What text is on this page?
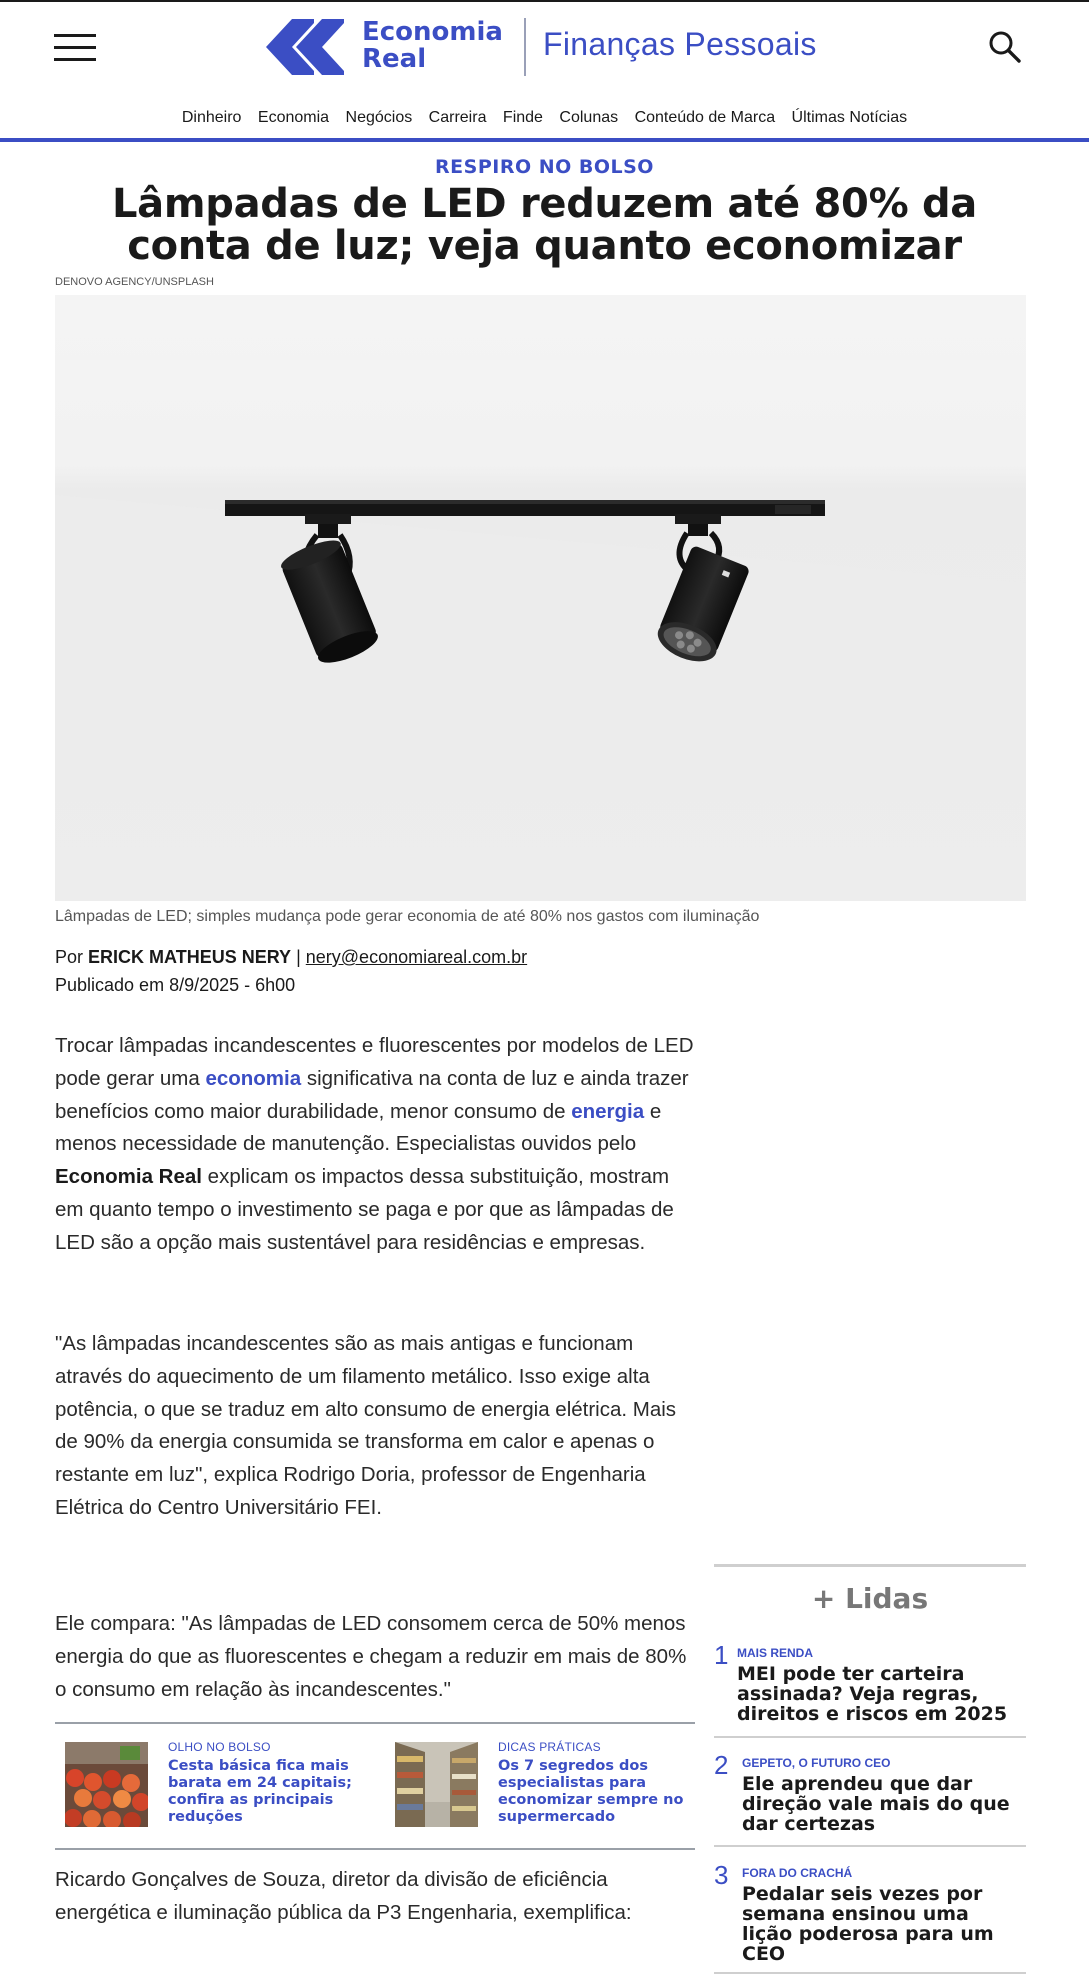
Economia
Real	Finanças Pessoais
Dinheiro Economia Negócios Carreira Finde Colunas Conteúdo de Marca Últimas Notícias
RESPIRO NO BOLSO
Lâmpadas de LED reduzem até 80% da conta de luz; veja quanto economizar
DENOVO AGENCY/UNSPLASH
Lâmpadas de LED; simples mudança pode gerar economia de até 80% nos gastos com iluminação
Por ERICK MATHEUS NERY | nery@economiareal.com.br
Publicado em 8/9/2025 - 6h00
Trocar lâmpadas incandescentes e fluorescentes por modelos de LED pode gerar uma economia significativa na conta de luz e ainda trazer benefícios como maior durabilidade, menor consumo de energia e menos necessidade de manutenção. Especialistas ouvidos pelo Economia Real explicam os impactos dessa substituição, mostram em quanto tempo o investimento se paga e por que as lâmpadas de LED são a opção mais sustentável para residências e empresas.
"As lâmpadas incandescentes são as mais antigas e funcionam através do aquecimento de um filamento metálico. Isso exige alta potência, o que se traduz em alto consumo de energia elétrica. Mais de 90% da energia consumida se transforma em calor e apenas o restante em luz", explica Rodrigo Doria, professor de Engenharia Elétrica do Centro Universitário FEI.
+ Lidas
1 MAIS RENDA
MEI pode ter carteira assinada? Veja regras, direitos e riscos em 2025
2 GEPETO, O FUTURO CEO
Ele aprendeu que dar direção vale mais do que dar certezas
3 FORA DO CRACHÁ
Pedalar seis vezes por semana ensinou uma lição poderosa para um CEO
Ele compara: "As lâmpadas de LED consomem cerca de 50% menos energia do que as fluorescentes e chegam a reduzir em mais de 80% o consumo em relação às incandescentes."
OLHO NO BOLSO
Cesta básica fica mais barata em 24 capitais; confira as principais reduções
DICAS PRÁTICAS
Os 7 segredos dos especialistas para economizar sempre no supermercado
Ricardo Gonçalves de Souza, diretor da divisão de eficiência energética e iluminação pública da P3 Engenharia, exemplifica:
